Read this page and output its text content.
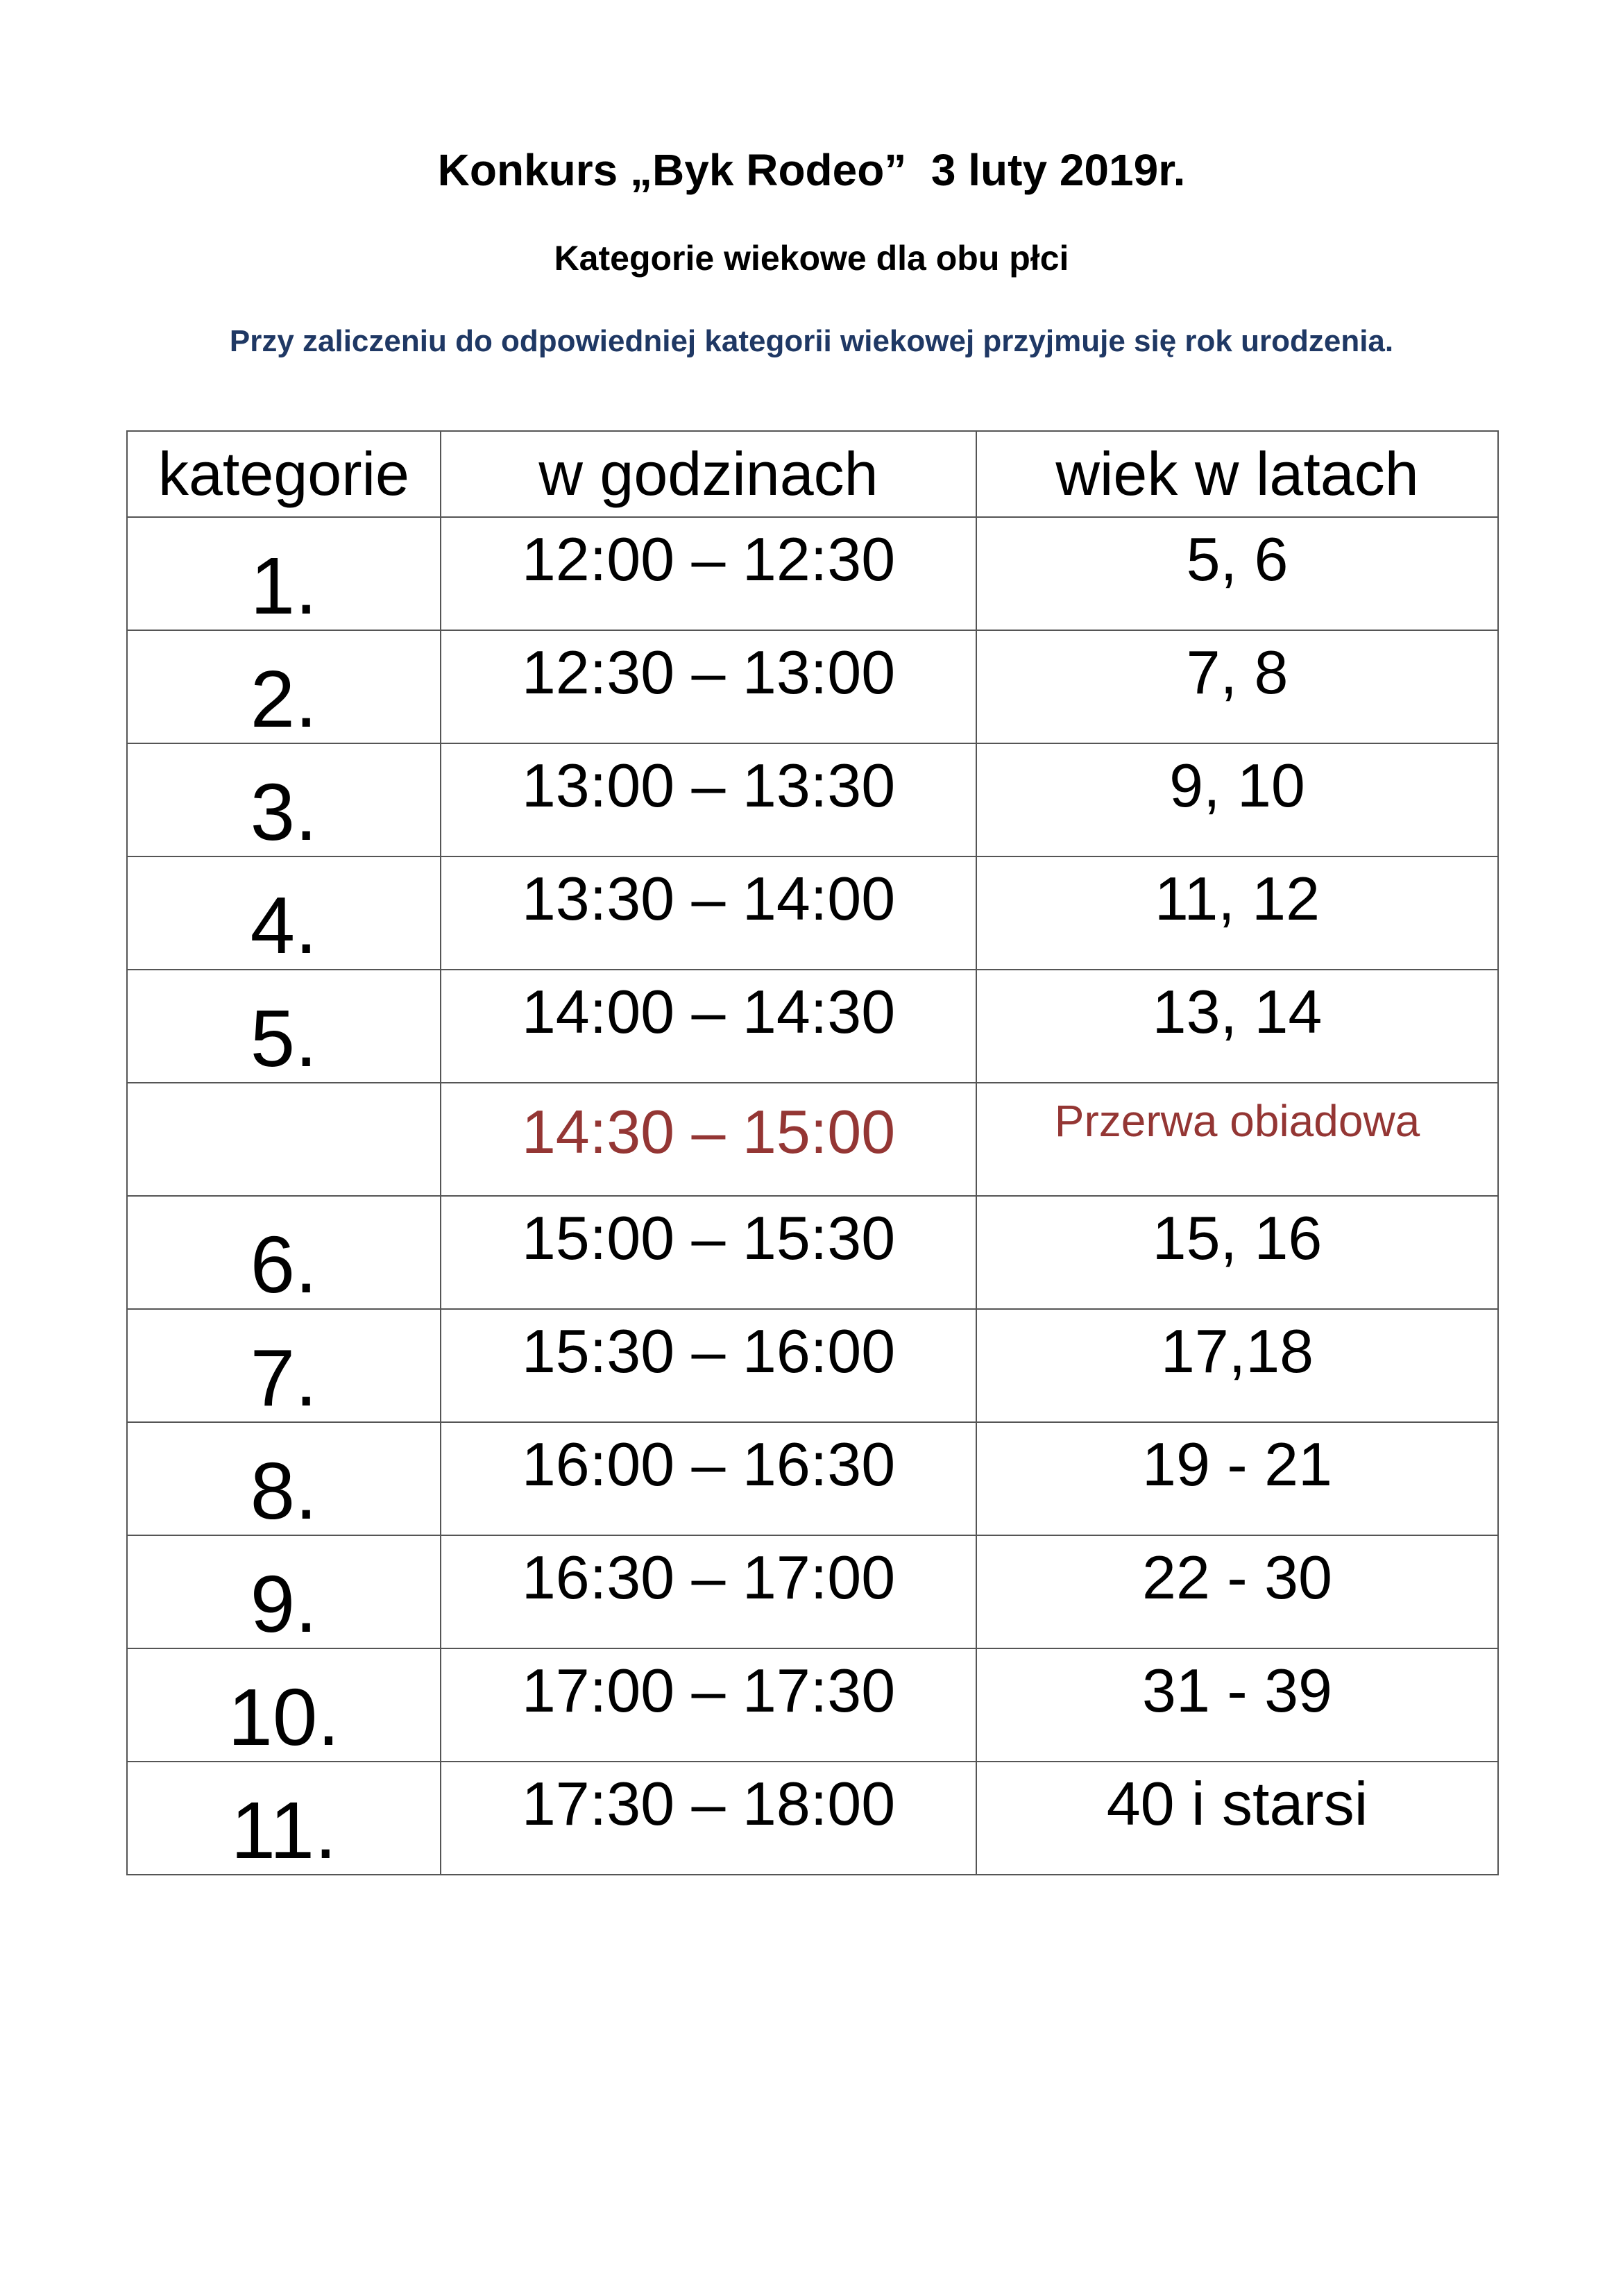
Konkurs „Byk Rodeo”  3 luty 2019r.
Kategorie wiekowe dla obu płci
Przy zaliczeniu do odpowiedniej kategorii wiekowej przyjmuje się rok urodzenia.
kategorie	w godzinach	wiek w latach
1.	12:00 – 12:30	5, 6
2.	12:30 – 13:00	7, 8
3.	13:00 – 13:30	9, 10
4.	13:30 – 14:00	11, 12
5.	14:00 – 14:30	13, 14
	14:30 – 15:00	Przerwa obiadowa
6.	15:00 – 15:30	15, 16
7.	15:30 – 16:00	17,18
8.	16:00 – 16:30	19 - 21
9.	16:30 – 17:00	22 - 30
10.	17:00 – 17:30	31 - 39
11.	17:30 – 18:00	40 i starsi
